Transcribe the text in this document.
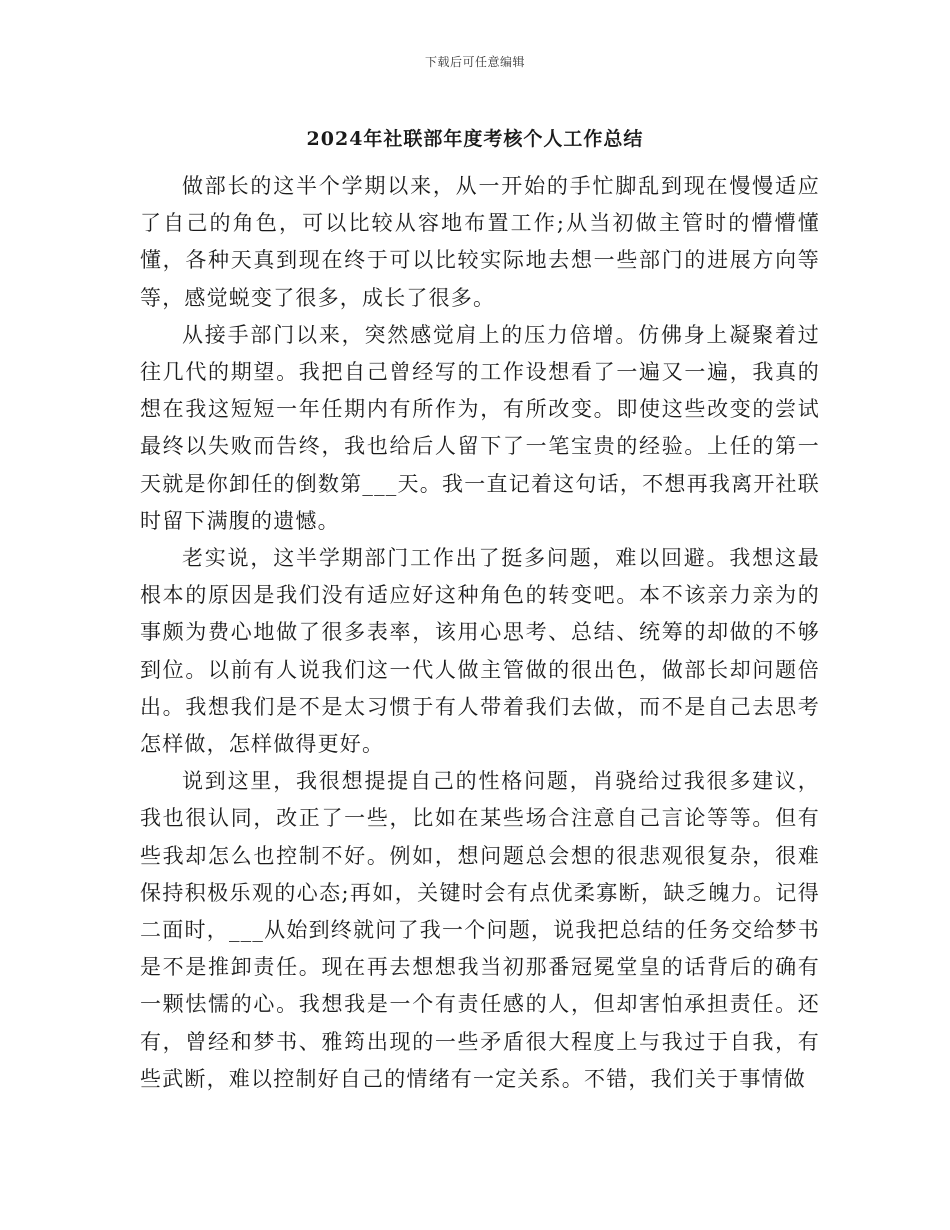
下载后可任意编辑
2024年社联部年度考核个人工作总结

做部长的这半个学期以来，从一开始的手忙脚乱到现在慢慢适应了自己的角色，可以比较从容地布置工作;从当初做主管时的懵懵懂懂，各种天真到现在终于可以比较实际地去想一些部门的进展方向等等，感觉蜕变了很多，成长了很多。

从接手部门以来，突然感觉肩上的压力倍增。仿佛身上凝聚着过往几代的期望。我把自己曾经写的工作设想看了一遍又一遍，我真的想在我这短短一年任期内有所作为，有所改变。即使这些改变的尝试最终以失败而告终，我也给后人留下了一笔宝贵的经验。上任的第一天就是你卸任的倒数第___天。我一直记着这句话，不想再我离开社联时留下满腹的遗憾。

老实说，这半学期部门工作出了挺多问题，难以回避。我想这最根本的原因是我们没有适应好这种角色的转变吧。本不该亲力亲为的事颇为费心地做了很多表率，该用心思考、总结、统筹的却做的不够到位。以前有人说我们这一代人做主管做的很出色，做部长却问题倍出。我想我们是不是太习惯于有人带着我们去做，而不是自己去思考怎样做，怎样做得更好。

说到这里，我很想提提自己的性格问题，肖骁给过我很多建议，我也很认同，改正了一些，比如在某些场合注意自己言论等等。但有些我却怎么也控制不好。例如，想问题总会想的很悲观很复杂，很难保持积极乐观的心态;再如，关键时会有点优柔寡断，缺乏魄力。记得二面时，___从始到终就问了我一个问题，说我把总结的任务交给梦书是不是推卸责任。现在再去想想我当初那番冠冕堂皇的话背后的确有一颗怯懦的心。我想我是一个有责任感的人，但却害怕承担责任。还有，曾经和梦书、雅筠出现的一些矛盾很大程度上与我过于自我，有些武断，难以控制好自己的情绪有一定关系。不错，我们关于事情做
